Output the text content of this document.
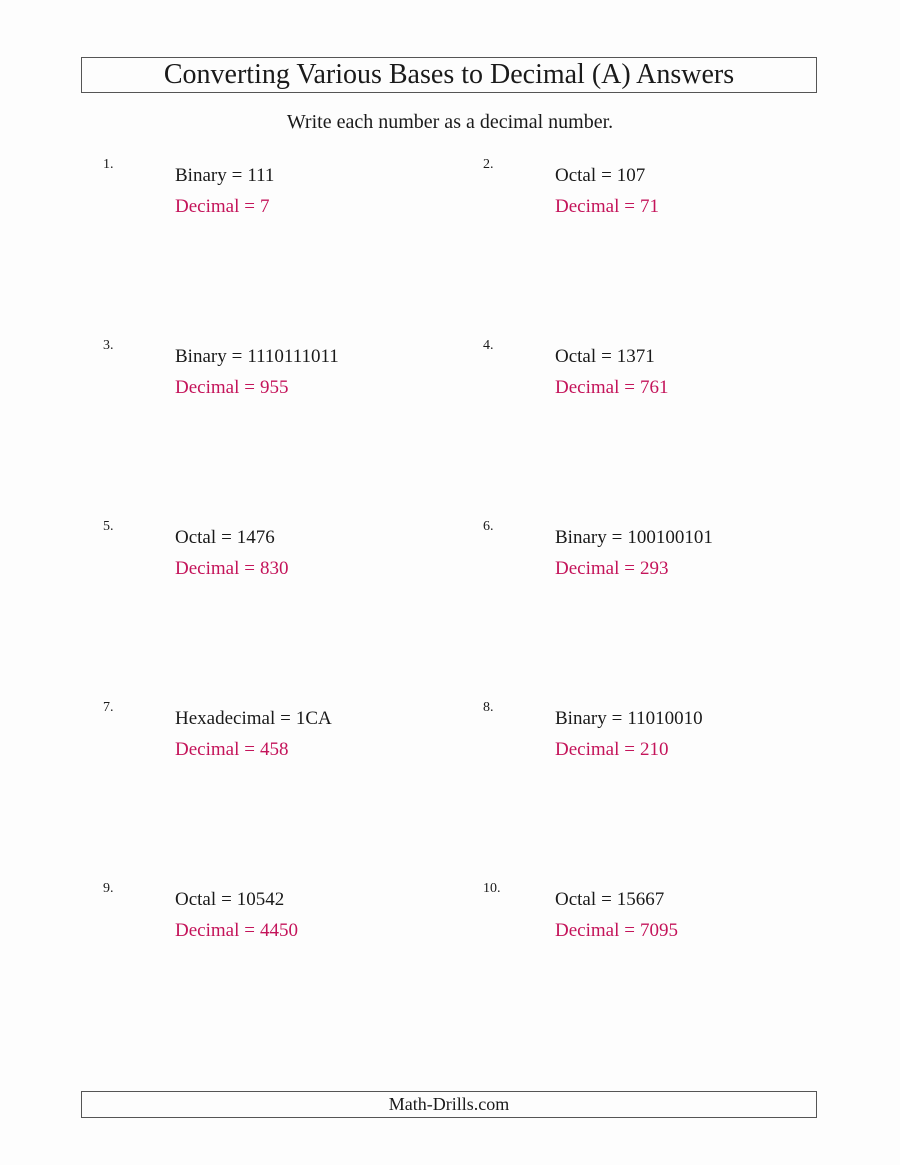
Converting Various Bases to Decimal (A) Answers
Write each number as a decimal number.
1.
Binary = 111
Decimal = 7
2.
Octal = 107
Decimal = 71
3.
Binary = 1110111011
Decimal = 955
4.
Octal = 1371
Decimal = 761
5.
Octal = 1476
Decimal = 830
6.
Binary = 100100101
Decimal = 293
7.
Hexadecimal = 1CA
Decimal = 458
8.
Binary = 11010010
Decimal = 210
9.
Octal = 10542
Decimal = 4450
10.
Octal = 15667
Decimal = 7095
Math-Drills.com
